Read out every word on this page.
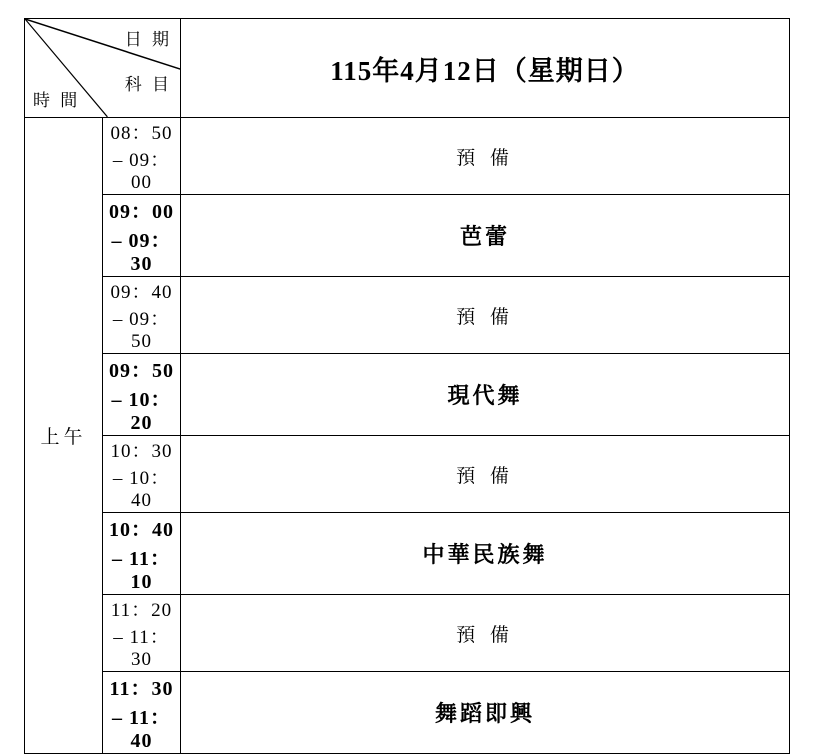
日 期
科 目
時 間		115年4月12日（星期日）
上午	08：50 – 09：00	預 備
	09：00 – 09：30	芭蕾
	09：40 – 09：50	預 備
	09：50 – 10：20	現代舞
	10：30 – 10：40	預 備
	10：40 – 11：10	中華民族舞
	11：20 – 11：30	預 備
	11：30 – 11：40	舞蹈即興
